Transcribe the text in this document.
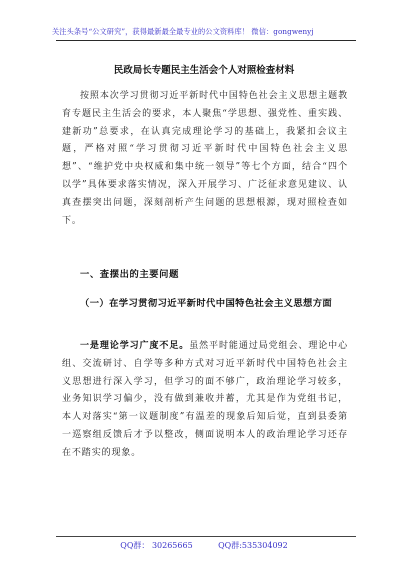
关注头条号“公文研究”，获得最新最全最专业的公文资料库！ 微信：gongwenyj
民政局长专题民主生活会个人对照检查材料
按照本次学习贯彻习近平新时代中国特色社会主义思想主题教育专题民主生活会的要求，本人聚焦“学思想、强党性、重实践、建新功”总要求，在认真完成理论学习的基础上，我紧扣会议主题，严格对照“学习贯彻习近平新时代中国特色社会主义思想”、“维护党中央权威和集中统一领导”等七个方面，结合“四个以学”具体要求落实情况，深入开展学习、广泛征求意见建议、认真查摆突出问题，深刻剖析产生问题的思想根源，现对照检查如下。
一、查摆出的主要问题
（一）在学习贯彻习近平新时代中国特色社会主义思想方面
一是理论学习广度不足。虽然平时能通过局党组会、理论中心组、交流研讨、自学等多种方式对习近平新时代中国特色社会主义思想进行深入学习，但学习的面不够广，政治理论学习较多，业务知识学习偏少，没有做到兼收并蓄，尤其是作为党组书记，本人对落实“第一议题制度”有温差的现象后知后觉，直到县委第一巡察组反馈后才予以整改，侧面说明本人的政治理论学习还存在不踏实的现象。
QQ群： 30265665          QQ群:535304092
